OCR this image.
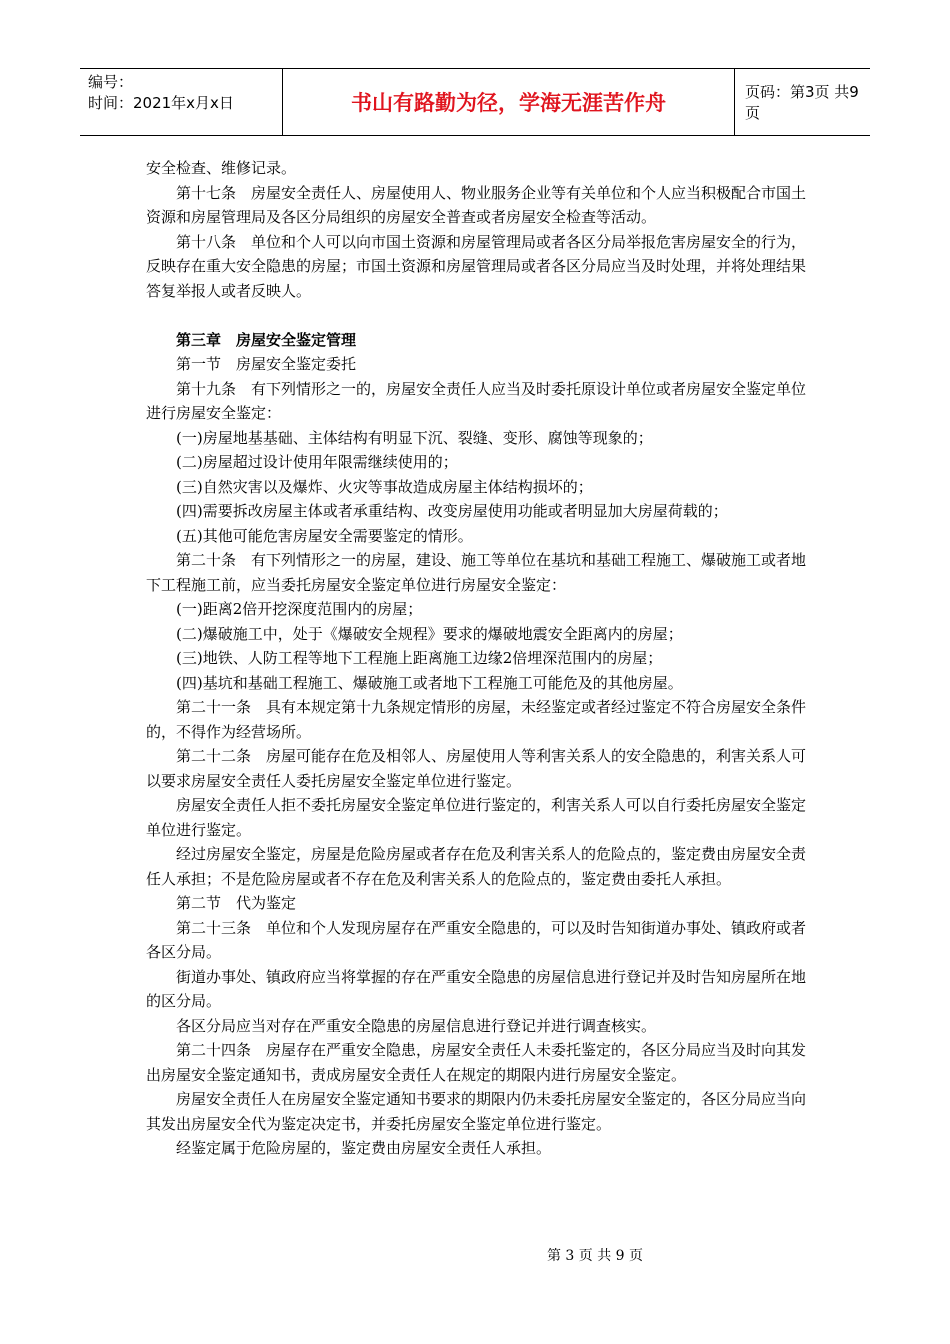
编号：
时间：2021年x月x日	书山有路勤为径，学海无涯苦作舟	页码：第3页 共9页

安全检查、维修记录。

第十七条　房屋安全责任人、房屋使用人、物业服务企业等有关单位和个人应当积极配合市国土资源和房屋管理局及各区分局组织的房屋安全普查或者房屋安全检查等活动。

第十八条　单位和个人可以向市国土资源和房屋管理局或者各区分局举报危害房屋安全的行为，反映存在重大安全隐患的房屋；市国土资源和房屋管理局或者各区分局应当及时处理，并将处理结果答复举报人或者反映人。

第三章　房屋安全鉴定管理

第一节　房屋安全鉴定委托

第十九条　有下列情形之一的，房屋安全责任人应当及时委托原设计单位或者房屋安全鉴定单位进行房屋安全鉴定：

(一)房屋地基基础、主体结构有明显下沉、裂缝、变形、腐蚀等现象的；

(二)房屋超过设计使用年限需继续使用的；

(三)自然灾害以及爆炸、火灾等事故造成房屋主体结构损坏的；

(四)需要拆改房屋主体或者承重结构、改变房屋使用功能或者明显加大房屋荷载的；

(五)其他可能危害房屋安全需要鉴定的情形。

第二十条　有下列情形之一的房屋，建设、施工等单位在基坑和基础工程施工、爆破施工或者地下工程施工前，应当委托房屋安全鉴定单位进行房屋安全鉴定：

(一)距离2倍开挖深度范围内的房屋；

(二)爆破施工中，处于《爆破安全规程》要求的爆破地震安全距离内的房屋；

(三)地铁、人防工程等地下工程施上距离施工边缘2倍埋深范围内的房屋；

(四)基坑和基础工程施工、爆破施工或者地下工程施工可能危及的其他房屋。

第二十一条　具有本规定第十九条规定情形的房屋，未经鉴定或者经过鉴定不符合房屋安全条件的，不得作为经营场所。

第二十二条　房屋可能存在危及相邻人、房屋使用人等利害关系人的安全隐患的，利害关系人可以要求房屋安全责任人委托房屋安全鉴定单位进行鉴定。

房屋安全责任人拒不委托房屋安全鉴定单位进行鉴定的，利害关系人可以自行委托房屋安全鉴定单位进行鉴定。

经过房屋安全鉴定，房屋是危险房屋或者存在危及利害关系人的危险点的，鉴定费由房屋安全责任人承担；不是危险房屋或者不存在危及利害关系人的危险点的，鉴定费由委托人承担。

第二节　代为鉴定

第二十三条　单位和个人发现房屋存在严重安全隐患的，可以及时告知街道办事处、镇政府或者各区分局。

街道办事处、镇政府应当将掌握的存在严重安全隐患的房屋信息进行登记并及时告知房屋所在地的区分局。

各区分局应当对存在严重安全隐患的房屋信息进行登记并进行调查核实。

第二十四条　房屋存在严重安全隐患，房屋安全责任人未委托鉴定的，各区分局应当及时向其发出房屋安全鉴定通知书，责成房屋安全责任人在规定的期限内进行房屋安全鉴定。

房屋安全责任人在房屋安全鉴定通知书要求的期限内仍未委托房屋安全鉴定的，各区分局应当向其发出房屋安全代为鉴定决定书，并委托房屋安全鉴定单位进行鉴定。

经鉴定属于危险房屋的，鉴定费由房屋安全责任人承担。

第 3 页 共 9 页
